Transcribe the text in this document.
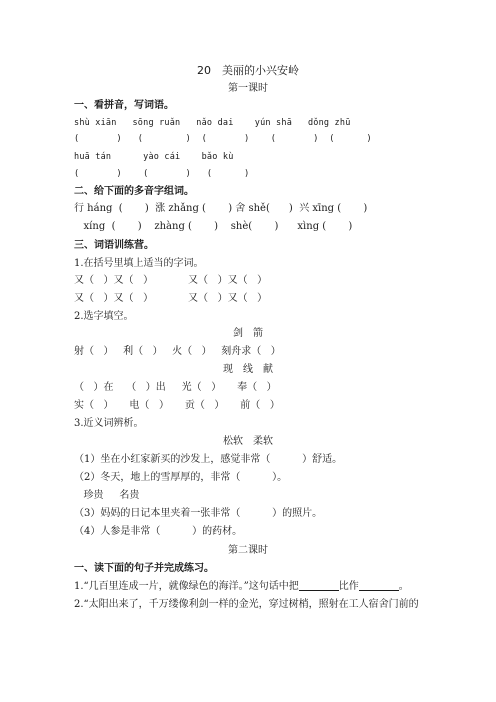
20　美丽的小兴安岭
第一课时
一、看拼音，写词语。
shù xiān   sōng ruǎn   nǎo dai    yún shā   dǒng zhū
(       )   (        )  (       )    (       )  (      )
huā tán      yào cái    bǎo kù
(       )    (       )   (      )
二、给下面的多音字组词。
行 háng  (       )  涨 zhǎng (       ) 舍 shě(      )  兴 xīng (       )
xíng  (       )    zhàng (       )    shè(       )      xìng (       )
三、词语训练营。
1.在括号里填上适当的字词。
又（   ）又（   ）           又（   ）又（   ）
又（   ）又（   ）           又（   ）又（   ）
2.选字填空。
剑　箭
射（   ）   利（   ）   火（   ）   刻舟求（   ）
现　线　献
（   ）在    （   ）出     光（   ）     奉（   ）
实（   ）     电（   ）     贡（   ）     前（   ）
3.近义词辨析。
松软　柔软
（1）坐在小红家新买的沙发上，感觉非常（          ）舒适。
（2）冬天，地上的雪厚厚的，非常（          ）。
珍贵     名贵
（3）妈妈的日记本里夹着一张非常（          ）的照片。
（4）人参是非常（          ）的药材。
第二课时
一、读下面的句子并完成练习。
1.“几百里连成一片，就像绿色的海洋。”这句话中把	比作	。
2.“太阳出来了，千万缕像利剑一样的金光，穿过树梢，照射在工人宿舍门前的
